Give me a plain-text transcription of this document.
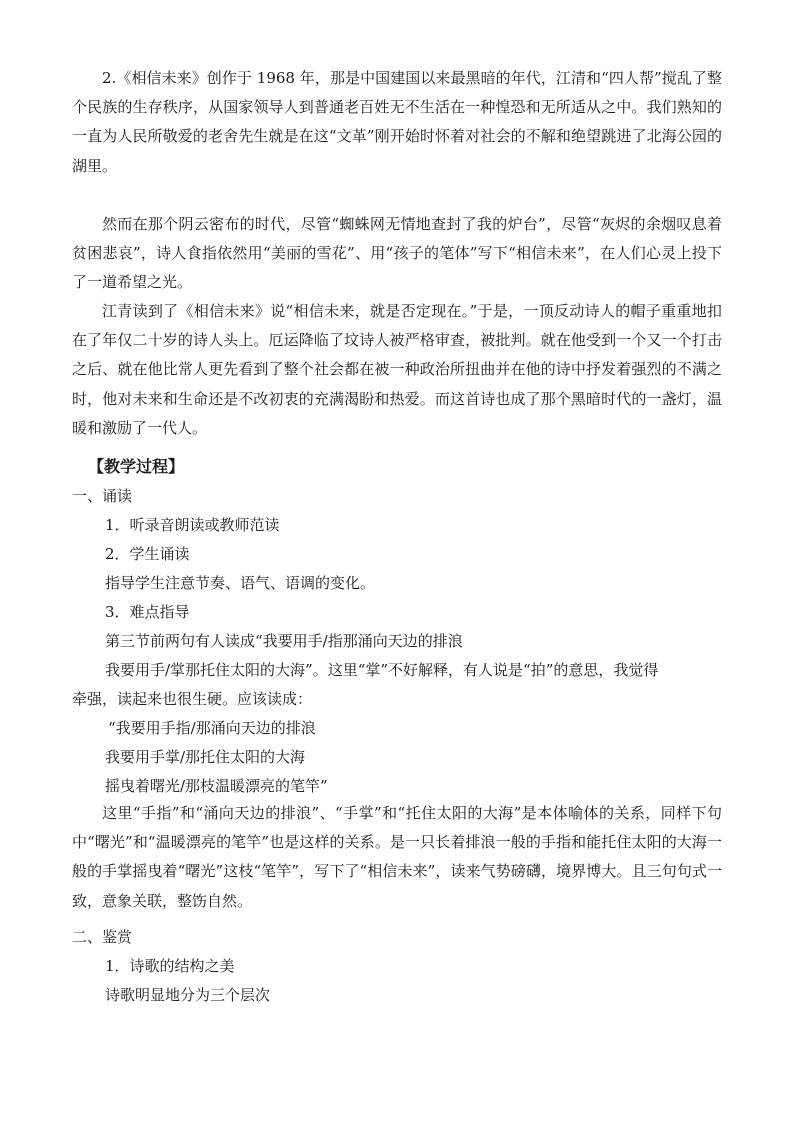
2.《相信未来》创作于 1968 年，那是中国建国以来最黑暗的年代，江清和“四人帮”搅乱了整个民族的生存秩序，从国家领导人到普通老百姓无不生活在一种惶恐和无所适从之中。我们熟知的一直为人民所敬爱的老舍先生就是在这“文革”刚开始时怀着对社会的不解和绝望跳进了北海公园的湖里。

然而在那个阴云密布的时代，尽管“蜘蛛网无情地查封了我的炉台”，尽管“灰烬的余烟叹息着贫困悲哀”，诗人食指依然用“美丽的雪花”、用“孩子的笔体”写下“相信未来”，在人们心灵上投下了一道希望之光。

江青读到了《相信未来》说“相信未来，就是否定现在。”于是，一顶反动诗人的帽子重重地扣在了年仅二十岁的诗人头上。厄运降临了坟诗人被严格审查，被批判。就在他受到一个又一个打击之后、就在他比常人更先看到了整个社会都在被一种政治所扭曲并在他的诗中抒发着强烈的不满之时，他对未来和生命还是不改初衷的充满渴盼和热爱。而这首诗也成了那个黑暗时代的一盏灯，温暖和激励了一代人。

【教学过程】

一、诵读

1．听录音朗读或教师范读

2．学生诵读

指导学生注意节奏、语气、语调的变化。

3．难点指导

第三节前两句有人读成“我要用手/指那涌向天边的排浪

我要用手/掌那托住太阳的大海”。这里“掌”不好解释，有人说是“拍”的意思，我觉得

牵强，读起来也很生硬。应该读成：

“我要用手指/那涌向天边的排浪

我要用手掌/那托住太阳的大海

摇曳着曙光/那枝温暖漂亮的笔竿”

这里“手指”和“涌向天边的排浪”、“手掌”和“托住太阳的大海”是本体喻体的关系，同样下句中“曙光”和“温暖漂亮的笔竿”也是这样的关系。是一只长着排浪一般的手指和能托住太阳的大海一般的手掌摇曳着“曙光”这枝“笔竿”，写下了“相信未来”，读来气势磅礴，境界博大。且三句句式一致，意象关联，整饬自然。

二、鉴赏

1．诗歌的结构之美

诗歌明显地分为三个层次
